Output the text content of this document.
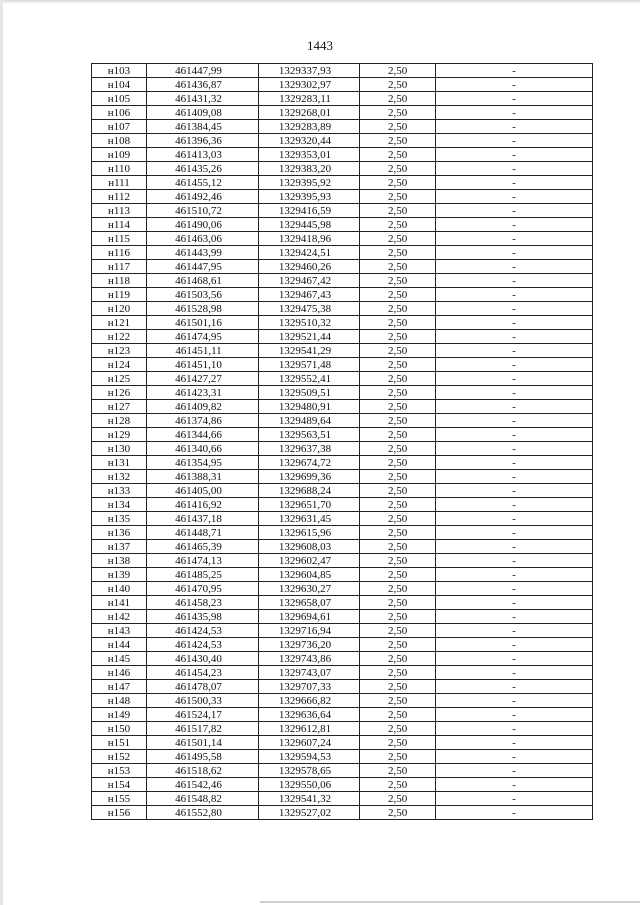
1443
н103	461447,99	1329337,93	2,50	-
н104	461436,87	1329302,97	2,50	-
н105	461431,32	1329283,11	2,50	-
н106	461409,08	1329268,01	2,50	-
н107	461384,45	1329283,89	2,50	-
н108	461396,36	1329320,44	2,50	-
н109	461413,03	1329353,01	2,50	-
н110	461435,26	1329383,20	2,50	-
н111	461455,12	1329395,92	2,50	-
н112	461492,46	1329395,93	2,50	-
н113	461510,72	1329416,59	2,50	-
н114	461490,06	1329445,98	2,50	-
н115	461463,06	1329418,96	2,50	-
н116	461443,99	1329424,51	2,50	-
н117	461447,95	1329460,26	2,50	-
н118	461468,61	1329467,42	2,50	-
н119	461503,56	1329467,43	2,50	-
н120	461528,98	1329475,38	2,50	-
н121	461501,16	1329510,32	2,50	-
н122	461474,95	1329521,44	2,50	-
н123	461451,11	1329541,29	2,50	-
н124	461451,10	1329571,48	2,50	-
н125	461427,27	1329552,41	2,50	-
н126	461423,31	1329509,51	2,50	-
н127	461409,82	1329480,91	2,50	-
н128	461374,86	1329489,64	2,50	-
н129	461344,66	1329563,51	2,50	-
н130	461340,66	1329637,38	2,50	-
н131	461354,95	1329674,72	2,50	-
н132	461388,31	1329699,36	2,50	-
н133	461405,00	1329688,24	2,50	-
н134	461416,92	1329651,70	2,50	-
н135	461437,18	1329631,45	2,50	-
н136	461448,71	1329615,96	2,50	-
н137	461465,39	1329608,03	2,50	-
н138	461474,13	1329602,47	2,50	-
н139	461485,25	1329604,85	2,50	-
н140	461470,95	1329630,27	2,50	-
н141	461458,23	1329658,07	2,50	-
н142	461435,98	1329694,61	2,50	-
н143	461424,53	1329716,94	2,50	-
н144	461424,53	1329736,20	2,50	-
н145	461430,40	1329743,86	2,50	-
н146	461454,23	1329743,07	2,50	-
н147	461478,07	1329707,33	2,50	-
н148	461500,33	1329666,82	2,50	-
н149	461524,17	1329636,64	2,50	-
н150	461517,82	1329612,81	2,50	-
н151	461501,14	1329607,24	2,50	-
н152	461495,58	1329594,53	2,50	-
н153	461518,62	1329578,65	2,50	-
н154	461542,46	1329550,06	2,50	-
н155	461548,82	1329541,32	2,50	-
н156	461552,80	1329527,02	2,50	-
